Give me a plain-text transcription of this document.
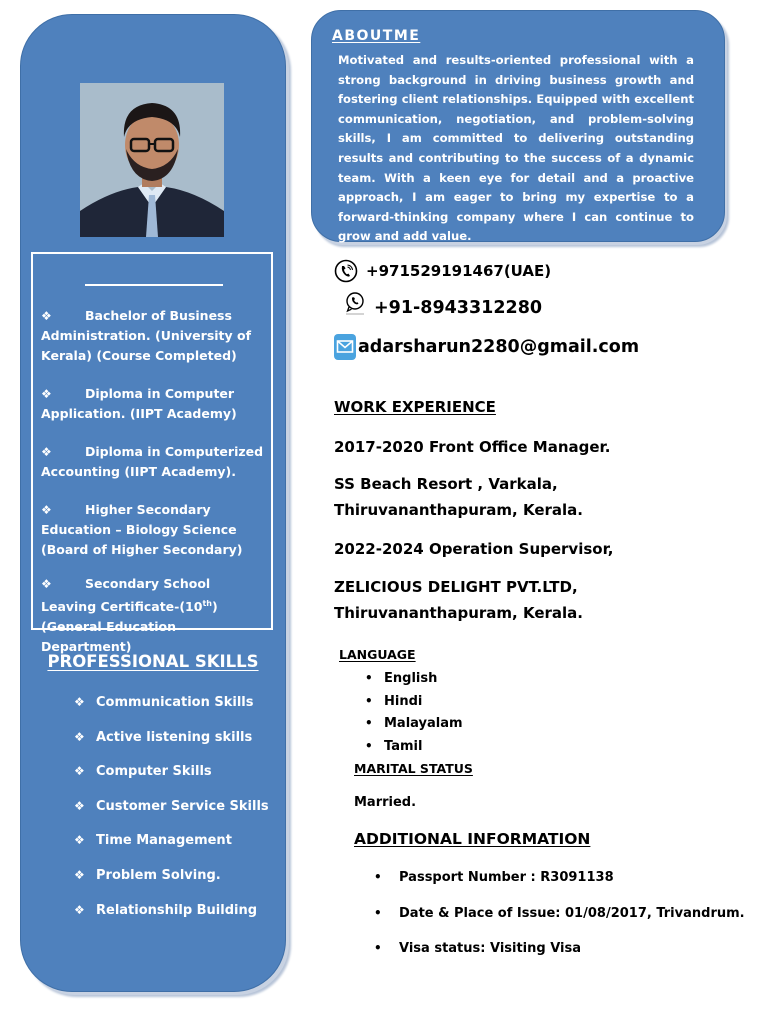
❖	Bachelor of Business Administration. (University of Kerala) (Course Completed)
❖	Diploma in Computer Application. (IIPT Academy)
❖	Diploma in Computerized Accounting (IIPT Academy).
❖	Higher Secondary Education – Biology Science (Board of Higher Secondary)
❖	Secondary School Leaving Certificate-(10th)(General Education Department)
PROFESSIONAL SKILLS
❖ Communication Skills
❖ Active listening skills
❖ Computer Skills
❖ Customer Service Skills
❖ Time Management
❖ Problem Solving.
❖ Relationshilp Building
ABOUTME
Motivated and results-oriented professional with a strong background in driving business growth and fostering client relationships. Equipped with excellent communication, negotiation, and problem-solving skills, I am committed to delivering outstanding results and contributing to the success of a dynamic team. With a keen eye for detail and a proactive approach, I am eager to bring my expertise to a forward-thinking company where I can continue to grow and add value.
+971529191467(UAE)
+91-8943312280
adarsharun2280@gmail.com
WORK EXPERIENCE
2017-2020 Front Office Manager.
SS Beach Resort , Varkala, Thiruvananthapuram, Kerala.
2022-2024 Operation Supervisor,
ZELICIOUS DELIGHT PVT.LTD, Thiruvananthapuram, Kerala.
LANGUAGE
• English
• Hindi
• Malayalam
• Tamil
MARITAL STATUS
Married.
ADDITIONAL INFORMATION
• Passport Number : R3091138
• Date & Place of Issue: 01/08/2017, Trivandrum.
• Visa status: Visiting Visa
